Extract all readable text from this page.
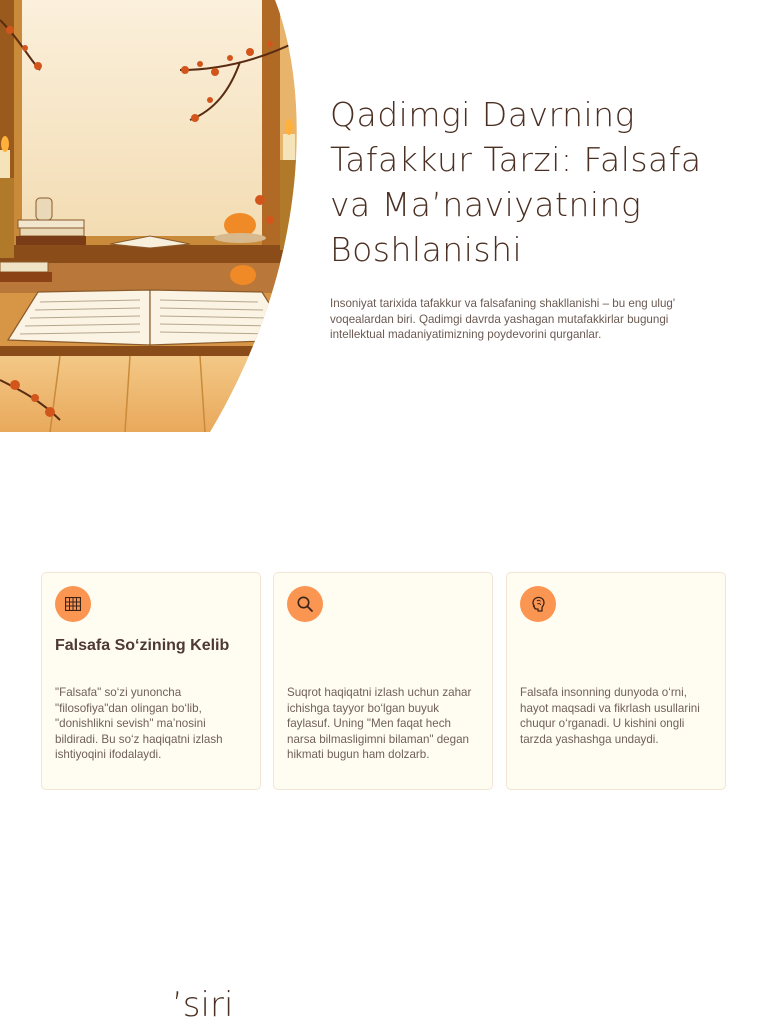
Qadimgi Davrning Tafakkur Tarzi: Falsafa va Ma’naviyatning Boshlanishi

Insoniyat tarixida tafakkur va falsafaning shakllanishi – bu eng ulug' voqealardan biri. Qadimgi davrda yashagan mutafakkirlar bugungi intellektual madaniyatimizning poydevorini qurganlar.

Falsafa So‘zining Kelib

"Falsafa" so‘zi yunoncha "filosofiya"dan olingan bo‘lib, "donishlikni sevish" ma’nosini bildiradi. Bu so‘z haqiqatni izlash ishtiyoqini ifodalaydi.

Suqrot haqiqatni izlash uchun zahar ichishga tayyor bo‘lgan buyuk faylasuf. Uning "Men faqat hech narsa bilmasligimni bilaman" degan hikmati bugun ham dolzarb.

Falsafa insonning dunyoda o‘rni, hayot maqsadi va fikrlash usullarini chuqur o‘rganadi. U kishini ongli tarzda yashashga undaydi.

’siri
